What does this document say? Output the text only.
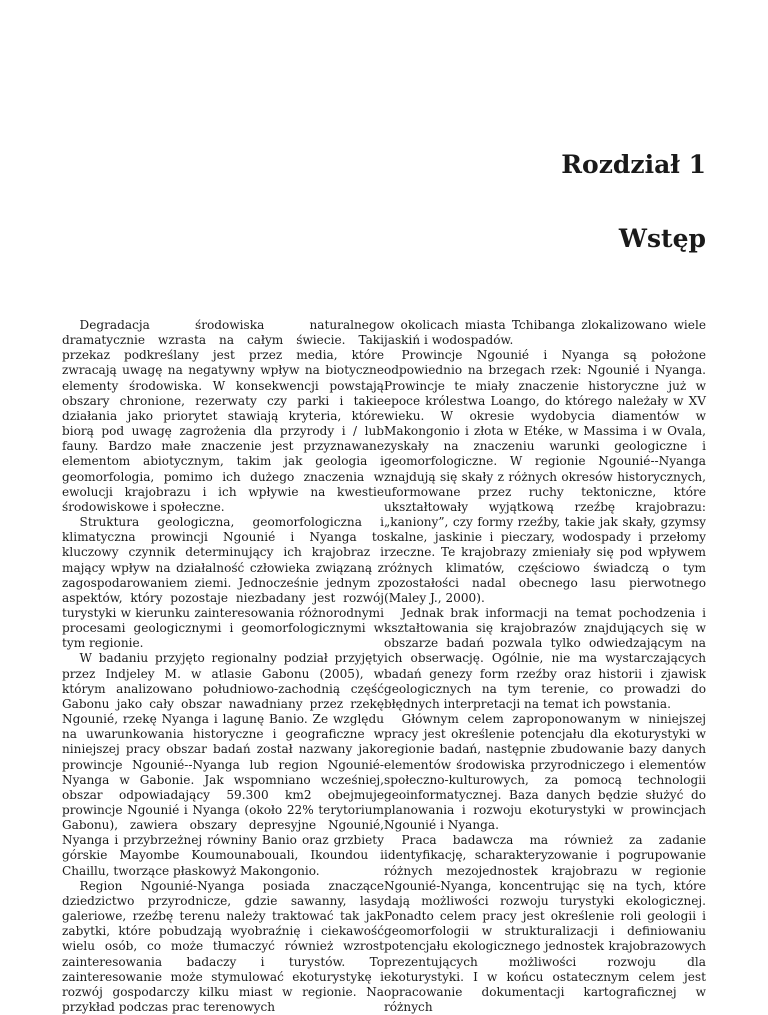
Rozdział 1
Wstęp

Degradacja środowiska naturalnego dramatycznie wzrasta na całym świecie. Taki przekaz podkreślany jest przez media, które zwracają uwagę na negatywny wpływ na biotyczne elementy środowiska. W konsekwencji powstają obszary chronione, rezerwaty czy parki i takie działania jako priorytet stawiają kryteria, które biorą pod uwagę zagrożenia dla przyrody i / lub fauny. Bardzo małe znaczenie jest przyznawane elementom abiotycznym, takim jak geologia i geomorfologia, pomimo ich dużego znaczenia w ewolucji krajobrazu i ich wpływie na kwestie środowiskowe i społeczne.

Struktura geologiczna, geomorfologiczna i klimatyczna prowincji Ngounié i Nyanga to kluczowy czynnik determinujący ich krajobraz i mający wpływ na działalność człowieka związaną z zagospodarowaniem ziemi. Jednocześnie jednym z aspektów, który pozostaje niezbadany jest rozwój turystyki w kierunku zainteresowania różnorodnymi procesami geologicznymi i geomorfologicznymi w tym regionie.

W badaniu przyjęto regionalny podział przyjęty przez Indjeley M. w atlasie Gabonu (2005), w którym analizowano południowo-zachodnią część Gabonu jako cały obszar nawadniany przez rzekę Ngounié, rzekę Nyanga i lagunę Banio. Ze względu na uwarunkowania historyczne i geograficzne w niniejszej pracy obszar badań został nazwany jako prowincje Ngounié--Nyanga lub region Ngounié-Nyanga w Gabonie. Jak wspomniano wcześniej, obszar odpowiadający 59.300 km2 obejmuje prowincje Ngounié i Nyanga (około 22% terytorium Gabonu), zawiera obszary depresyjne Ngounié, Nyanga i przybrzeżnej równiny Banio oraz grzbiety górskie Mayombe Koumounabouali, Ikoundou i Chaillu, tworzące płaskowyż Makongonio.

Region Ngounié-Nyanga posiada znaczące dziedzictwo przyrodnicze, gdzie sawanny, lasy galeriowe, rzeźbę terenu należy traktować tak jak zabytki, które pobudzają wyobraźnię i ciekawość wielu osób, co może tłumaczyć również wzrost zainteresowania badaczy i turystów. To zainteresowanie może stymulować ekoturystykę i rozwój gospodarczy kilku miast w regionie. Na przykład podczas prac terenowych

w okolicach miasta Tchibanga zlokalizowano wiele jaskiń i wodospadów.

Prowincje Ngounié i Nyanga są położone odpowiednio na brzegach rzek: Ngounié i Nyanga. Prowincje te miały znaczenie historyczne już w epoce królestwa Loango, do którego należały w XV wieku. W okresie wydobycia diamentów w Makongonio i złota w Etéke, w Massima i w Ovala, zyskały na znaczeniu warunki geologiczne i geomorfologiczne. W regionie Ngounié--Nyanga znajdują się skały z różnych okresów historycznych, uformowane przez ruchy tektoniczne, które ukształtowały wyjątkową rzeźbę krajobrazu: „kaniony”, czy formy rzeźby, takie jak skały, gzymsy skalne, jaskinie i pieczary, wodospady i przełomy rzeczne. Te krajobrazy zmieniały się pod wpływem różnych klimatów, częściowo świadczą o tym pozostałości nadal obecnego lasu pierwotnego (Maley J., 2000).

Jednak brak informacji na temat pochodzenia i kształtowania się krajobrazów znajdujących się w obszarze badań pozwala tylko odwiedzającym na ich obserwację. Ogólnie, nie ma wystarczających badań genezy form rzeźby oraz historii i zjawisk geologicznych na tym terenie, co prowadzi do błędnych interpretacji na temat ich powstania.

Głównym celem zaproponowanym w niniejszej pracy jest określenie potencjału dla ekoturystyki w regionie badań, następnie zbudowanie bazy danych elementów środowiska przyrodniczego i elementów społeczno-kulturowych, za pomocą technologii geoinformatycznej. Baza danych będzie służyć do planowania i rozwoju ekoturystyki w prowincjach Ngounié i Nyanga.

Praca badawcza ma również za zadanie identyfikację, scharakteryzowanie i pogrupowanie różnych mezojednostek krajobrazu w regionie Ngounié-Nyanga, koncentrując się na tych, które dają możliwości rozwoju turystyki ekologicznej. Ponadto celem pracy jest określenie roli geologii i geomorfologii w strukturalizacji i definiowaniu potencjału ekologicznego jednostek krajobrazowych prezentujących możliwości rozwoju dla ekoturystyki. I w końcu ostatecznym celem jest opracowanie dokumentacji kartograficznej w różnych
